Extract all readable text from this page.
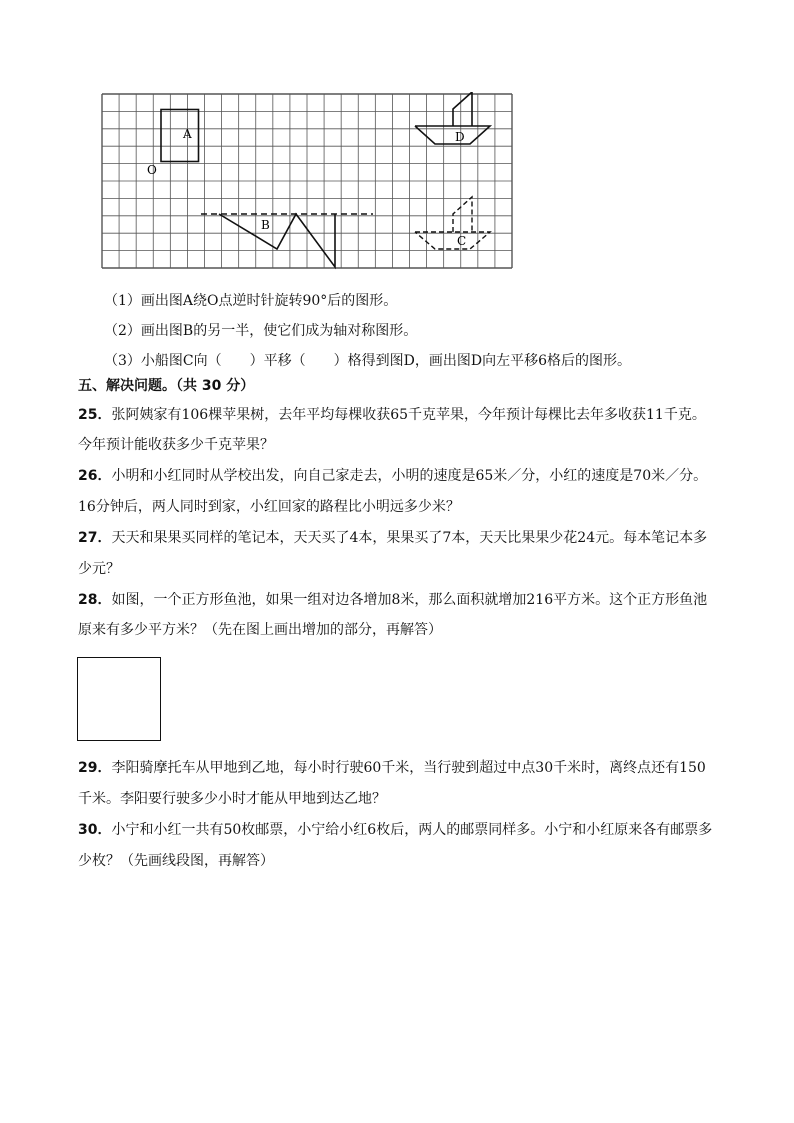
A
O
B
C
D
（1）画出图A绕O点逆时针旋转90°后的图形。
（2）画出图B的另一半，使它们成为轴对称图形。
（3）小船图C向（　　）平移（　　）格得到图D，画出图D向左平移6格后的图形。
五、解决问题。（共 30 分）
25．张阿姨家有106棵苹果树，去年平均每棵收获65千克苹果，今年预计每棵比去年多收获11千克。
今年预计能收获多少千克苹果？
26．小明和小红同时从学校出发，向自己家走去，小明的速度是65米／分，小红的速度是70米／分。
16分钟后，两人同时到家，小红回家的路程比小明远多少米？
27．天天和果果买同样的笔记本，天天买了4本，果果买了7本，天天比果果少花24元。每本笔记本多
少元？
28．如图，一个正方形鱼池，如果一组对边各增加8米，那么面积就增加216平方米。这个正方形鱼池
原来有多少平方米？（先在图上画出增加的部分，再解答）
29．李阳骑摩托车从甲地到乙地，每小时行驶60千米，当行驶到超过中点30千米时，离终点还有150
千米。李阳要行驶多少小时才能从甲地到达乙地？
30．小宁和小红一共有50枚邮票，小宁给小红6枚后，两人的邮票同样多。小宁和小红原来各有邮票多
少枚？（先画线段图，再解答）
